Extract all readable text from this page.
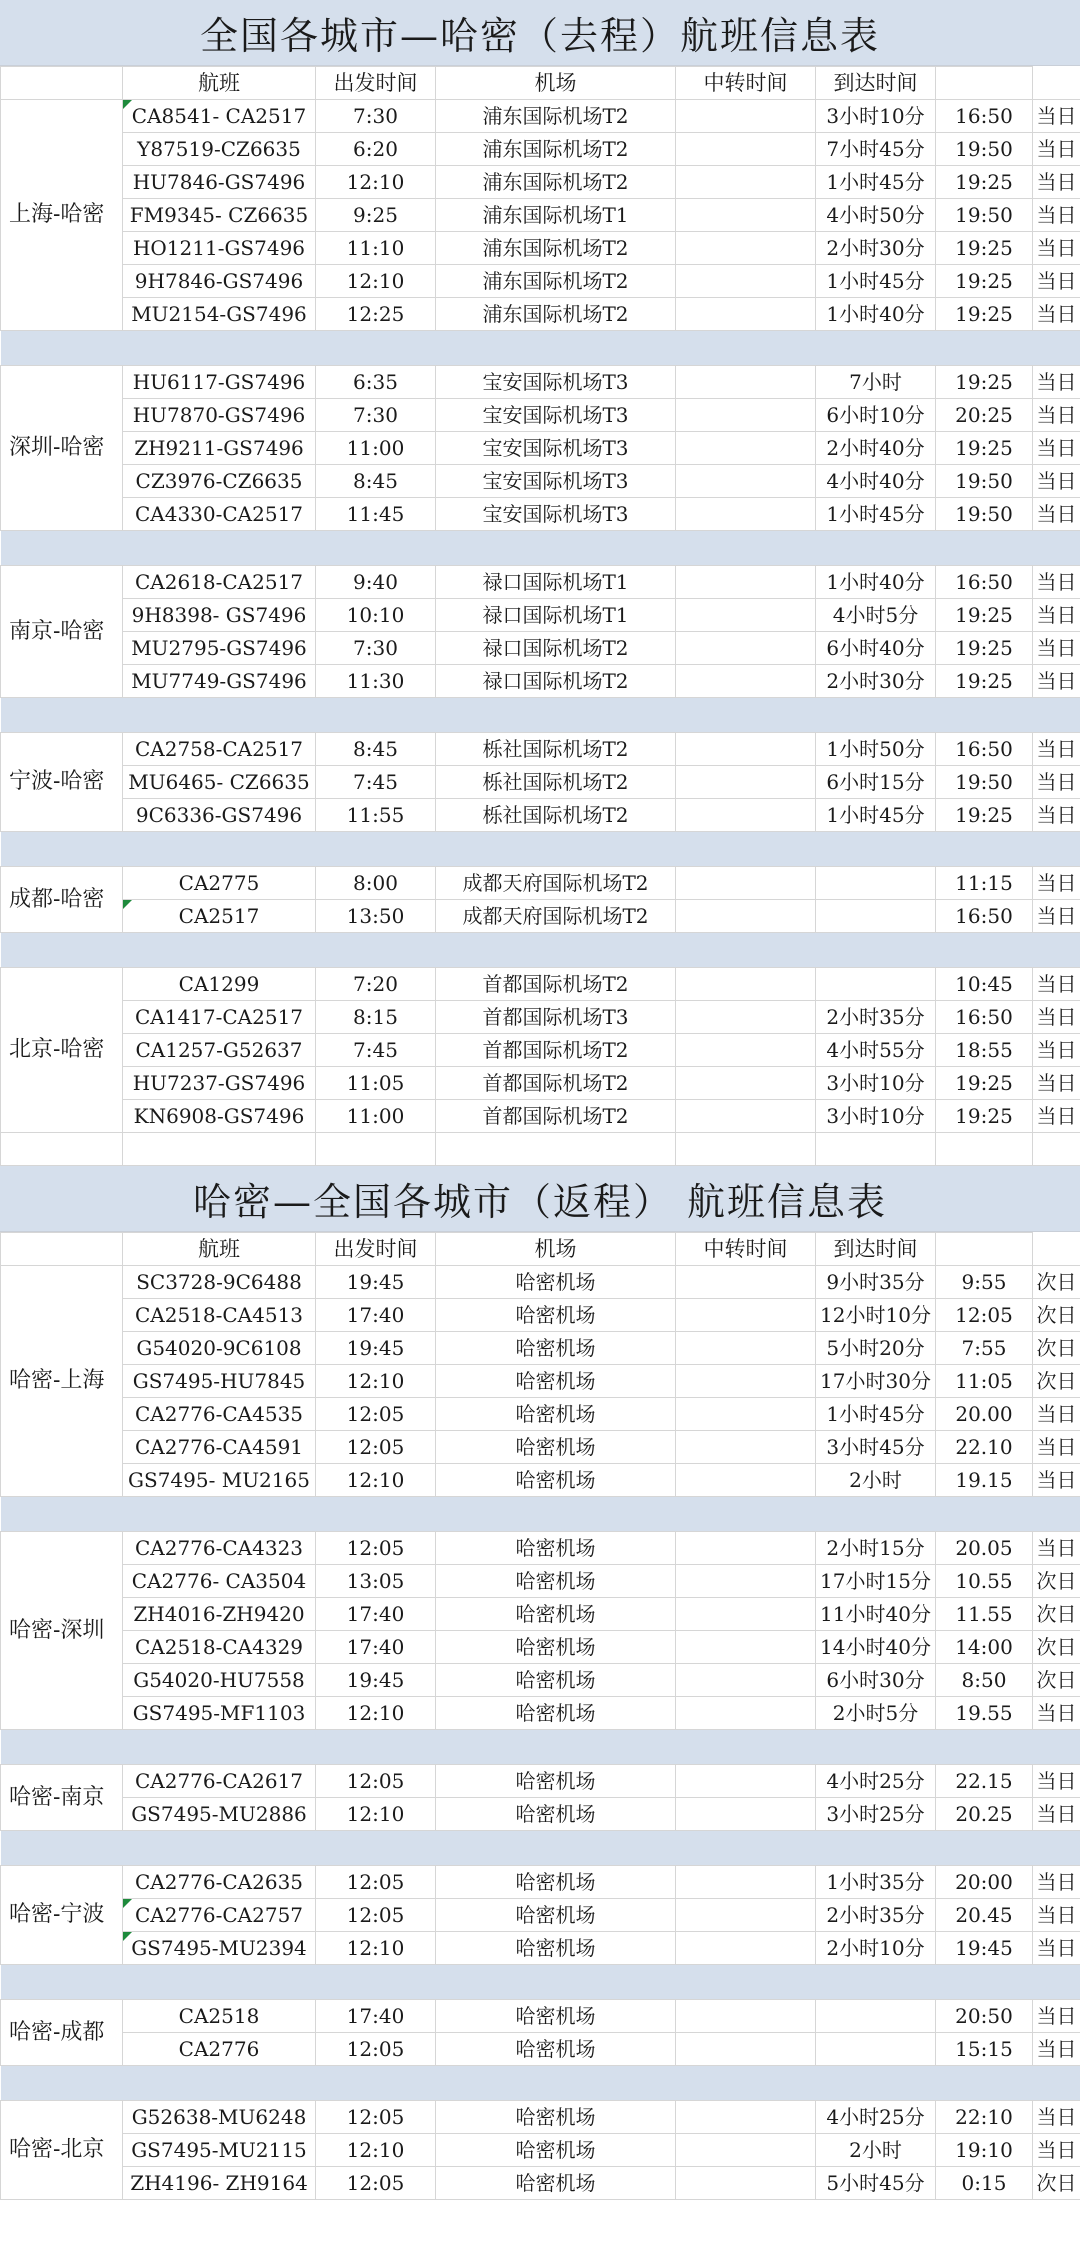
全国各城市—哈密（去程）航班信息表
	航班	出发时间	机场	中转时间	到达时间		
上海-哈密	CA8541- CA2517	7:30	浦东国际机场T2		3小时10分	16:50	当日
	Y87519-CZ6635	6:20	浦东国际机场T2		7小时45分	19:50	当日
	HU7846-GS7496	12:10	浦东国际机场T2		1小时45分	19:25	当日
	FM9345- CZ6635	9:25	浦东国际机场T1		4小时50分	19:50	当日
	HO1211-GS7496	11:10	浦东国际机场T2		2小时30分	19:25	当日
	9H7846-GS7496	12:10	浦东国际机场T2		1小时45分	19:25	当日
	MU2154-GS7496	12:25	浦东国际机场T2		1小时40分	19:25	当日

深圳-哈密	HU6117-GS7496	6:35	宝安国际机场T3		7小时	19:25	当日
	HU7870-GS7496	7:30	宝安国际机场T3		6小时10分	20:25	当日
	ZH9211-GS7496	11:00	宝安国际机场T3		2小时40分	19:25	当日
	CZ3976-CZ6635	8:45	宝安国际机场T3		4小时40分	19:50	当日
	CA4330-CA2517	11:45	宝安国际机场T3		1小时45分	19:50	当日

南京-哈密	CA2618-CA2517	9:40	禄口国际机场T1		1小时40分	16:50	当日
	9H8398- GS7496	10:10	禄口国际机场T1		4小时5分	19:25	当日
	MU2795-GS7496	7:30	禄口国际机场T2		6小时40分	19:25	当日
	MU7749-GS7496	11:30	禄口国际机场T2		2小时30分	19:25	当日

宁波-哈密	CA2758-CA2517	8:45	栎社国际机场T2		1小时50分	16:50	当日
	MU6465- CZ6635	7:45	栎社国际机场T2		6小时15分	19:50	当日
	9C6336-GS7496	11:55	栎社国际机场T2		1小时45分	19:25	当日

成都-哈密	CA2775	8:00	成都天府国际机场T2			11:15	当日
	CA2517	13:50	成都天府国际机场T2			16:50	当日

北京-哈密	CA1299	7:20	首都国际机场T2			10:45	当日
	CA1417-CA2517	8:15	首都国际机场T3		2小时35分	16:50	当日
	CA1257-G52637	7:45	首都国际机场T2		4小时55分	18:55	当日
	HU7237-GS7496	11:05	首都国际机场T2		3小时10分	19:25	当日
	KN6908-GS7496	11:00	首都国际机场T2		3小时10分	19:25	当日

哈密—全国各城市（返程） 航班信息表
	航班	出发时间	机场	中转时间	到达时间		
哈密-上海	SC3728-9C6488	19:45	哈密机场		9小时35分	9:55	次日
	CA2518-CA4513	17:40	哈密机场		12小时10分	12:05	次日
	G54020-9C6108	19:45	哈密机场		5小时20分	7:55	次日
	GS7495-HU7845	12:10	哈密机场		17小时30分	11:05	次日
	CA2776-CA4535	12:05	哈密机场		1小时45分	20.00	当日
	CA2776-CA4591	12:05	哈密机场		3小时45分	22.10	当日
	GS7495- MU2165	12:10	哈密机场		2小时	19.15	当日

哈密-深圳	CA2776-CA4323	12:05	哈密机场		2小时15分	20.05	当日
	CA2776- CA3504	13:05	哈密机场		17小时15分	10.55	次日
	ZH4016-ZH9420	17:40	哈密机场		11小时40分	11.55	次日
	CA2518-CA4329	17:40	哈密机场		14小时40分	14:00	次日
	G54020-HU7558	19:45	哈密机场		6小时30分	8:50	次日
	GS7495-MF1103	12:10	哈密机场		2小时5分	19.55	当日

哈密-南京	CA2776-CA2617	12:05	哈密机场		4小时25分	22.15	当日
	GS7495-MU2886	12:10	哈密机场		3小时25分	20.25	当日

哈密-宁波	CA2776-CA2635	12:05	哈密机场		1小时35分	20:00	当日
	CA2776-CA2757	12:05	哈密机场		2小时35分	20.45	当日
	GS7495-MU2394	12:10	哈密机场		2小时10分	19:45	当日

哈密-成都	CA2518	17:40	哈密机场			20:50	当日
	CA2776	12:05	哈密机场			15:15	当日

哈密-北京	G52638-MU6248	12:05	哈密机场		4小时25分	22:10	当日
	GS7495-MU2115	12:10	哈密机场		2小时	19:10	当日
	ZH4196- ZH9164	12:05	哈密机场		5小时45分	0:15	次日
